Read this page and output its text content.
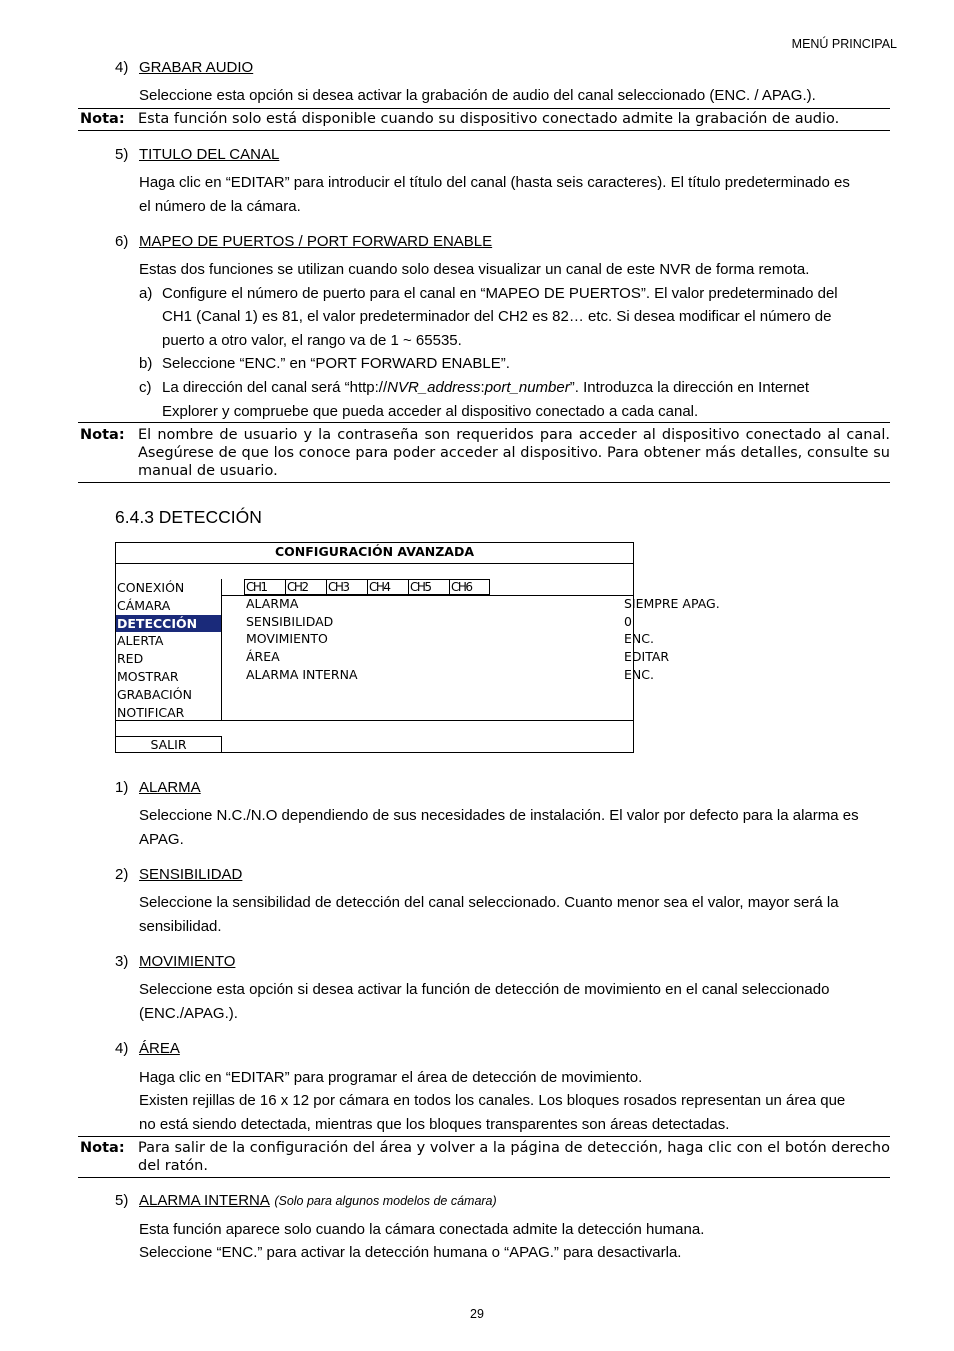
MENÚ PRINCIPAL
4) GRABAR AUDIO
Seleccione esta opción si desea activar la grabación de audio del canal seleccionado (ENC. / APAG.).
Nota: Esta función solo está disponible cuando su dispositivo conectado admite la grabación de audio.
5) TITULO DEL CANAL
Haga clic en “EDITAR” para introducir el título del canal (hasta seis caracteres). El título predeterminado es
el número de la cámara.
6) MAPEO DE PUERTOS / PORT FORWARD ENABLE
Estas dos funciones se utilizan cuando solo desea visualizar un canal de este NVR de forma remota.
a) Configure el número de puerto para el canal en “MAPEO DE PUERTOS”. El valor predeterminado del
CH1 (Canal 1) es 81, el valor predeterminador del CH2 es 82… etc. Si desea modificar el número de
puerto a otro valor, el rango va de 1 ~ 65535.
b) Seleccione “ENC.” en “PORT FORWARD ENABLE”.
c) La dirección del canal será “http://NVR_address:port_number”. Introduzca la dirección en Internet
Explorer y compruebe que pueda acceder al dispositivo conectado a cada canal.
Nota: El nombre de usuario y la contraseña son requeridos para acceder al dispositivo conectado al canal. Asegúrese de que los conoce para poder acceder al dispositivo. Para obtener más detalles, consulte su manual de usuario.
6.4.3 DETECCIÓN
CONFIGURACIÓN AVANZADA
CONEXIÓN
CÁMARA
DETECCIÓN
ALERTA
RED
MOSTRAR
GRABACIÓN
NOTIFICAR
CH1	CH2	CH3	CH4	CH5	CH6
ALARMA	SIEMPRE APAG.
SENSIBILIDAD	0
MOVIMIENTO	ENC.
ÁREA	EDITAR
ALARMA INTERNA	ENC.
SALIR
1) ALARMA
Seleccione N.C./N.O dependiendo de sus necesidades de instalación. El valor por defecto para la alarma es
APAG.
2) SENSIBILIDAD
Seleccione la sensibilidad de detección del canal seleccionado. Cuanto menor sea el valor, mayor será la
sensibilidad.
3) MOVIMIENTO
Seleccione esta opción si desea activar la función de detección de movimiento en el canal seleccionado
(ENC./APAG.).
4) ÁREA
Haga clic en “EDITAR” para programar el área de detección de movimiento.
Existen rejillas de 16 x 12 por cámara en todos los canales. Los bloques rosados representan un área que
no está siendo detectada, mientras que los bloques transparentes son áreas detectadas.
Nota: Para salir de la configuración del área y volver a la página de detección, haga clic con el botón derecho del ratón.
5) ALARMA INTERNA (Solo para algunos modelos de cámara)
Esta función aparece solo cuando la cámara conectada admite la detección humana.
Seleccione “ENC.” para activar la detección humana o “APAG.” para desactivarla.
29
